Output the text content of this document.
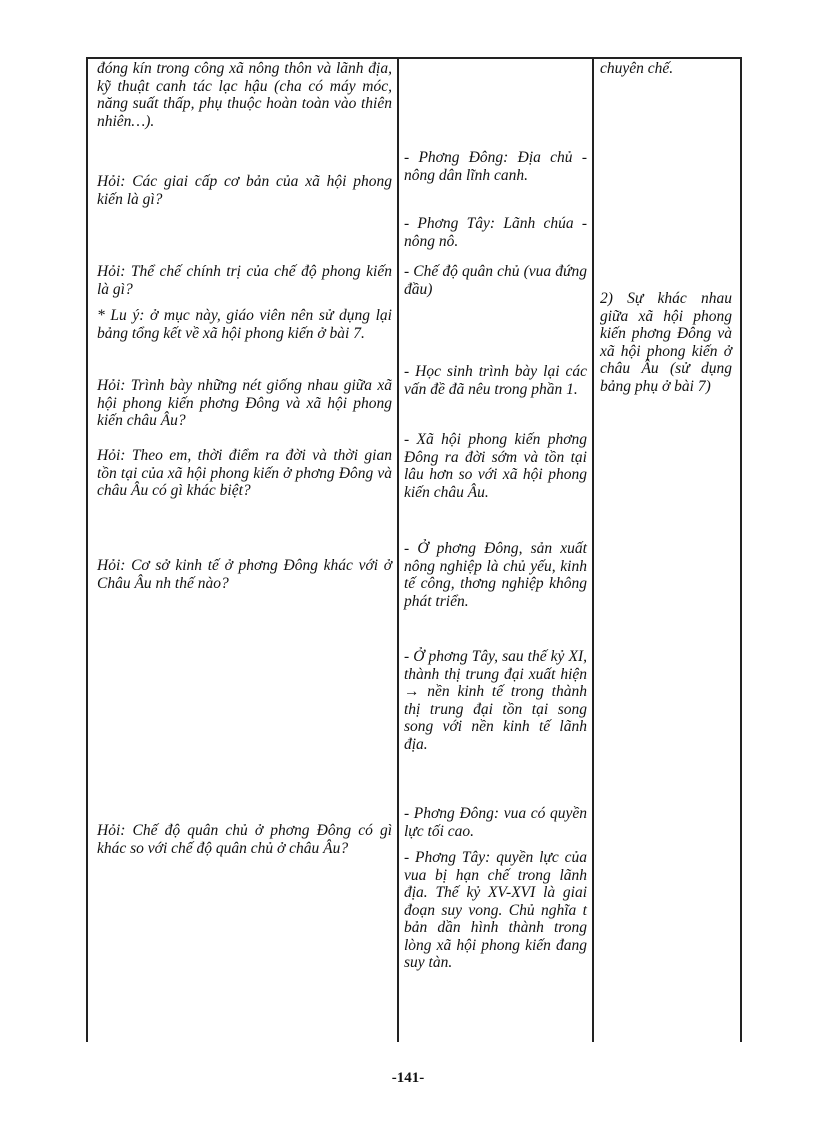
đóng kín trong công xã nông thôn và lãnh địa, kỹ thuật canh tác lạc hậu (cha có máy móc, năng suất thấp, phụ thuộc hoàn toàn vào thiên nhiên…).

Hỏi: Các giai cấp cơ bản của xã hội phong kiến là gì?

Hỏi: Thể chế chính trị của chế độ phong kiến là gì?

* Lu ý: ở mục này, giáo viên nên sử dụng lại bảng tổng kết về xã hội phong kiến ở bài 7.

Hỏi: Trình bày những nét giống nhau giữa xã hội phong kiến phơng Đông và xã hội phong kiến châu Âu?

Hỏi: Theo em, thời điểm ra đời và thời gian tồn tại của xã hội phong kiến ở phơng Đông và châu Âu có gì khác biệt?

Hỏi: Cơ sở kinh tế ở phơng Đông khác với ở Châu Âu nh thế nào?

Hỏi: Chế độ quân chủ ở phơng Đông có gì khác so với chế độ quân chủ ở châu Âu?

- Phơng Đông: Địa chủ - nông dân lĩnh canh.

- Phơng Tây: Lãnh chúa - nông nô.

- Chế độ quân chủ (vua đứng đầu)

- Học sinh trình bày lại các vấn đề đã nêu trong phần 1.

- Xã hội phong kiến phơng Đông ra đời sớm và tồn tại lâu hơn so với xã hội phong kiến châu Âu.

- Ở phơng Đông, sản xuất nông nghiệp là chủ yếu, kinh tế công, thơng nghiệp không phát triển.

- Ở phơng Tây, sau thế kỷ XI, thành thị trung đại xuất hiện → nền kinh tế trong thành thị trung đại tồn tại song song với nền kinh tế lãnh địa.

- Phơng Đông: vua có quyền lực tối cao.

- Phơng Tây: quyền lực của vua bị hạn chế trong lãnh địa. Thế kỷ XV-XVI là giai đoạn suy vong. Chủ nghĩa t bản dần hình thành trong lòng xã hội phong kiến đang suy tàn.

chuyên chế.

2) Sự khác nhau giữa xã hội phong kiến phơng Đông và xã hội phong kiến ở châu Âu (sử dụng bảng phụ ở bài 7)

-141-
